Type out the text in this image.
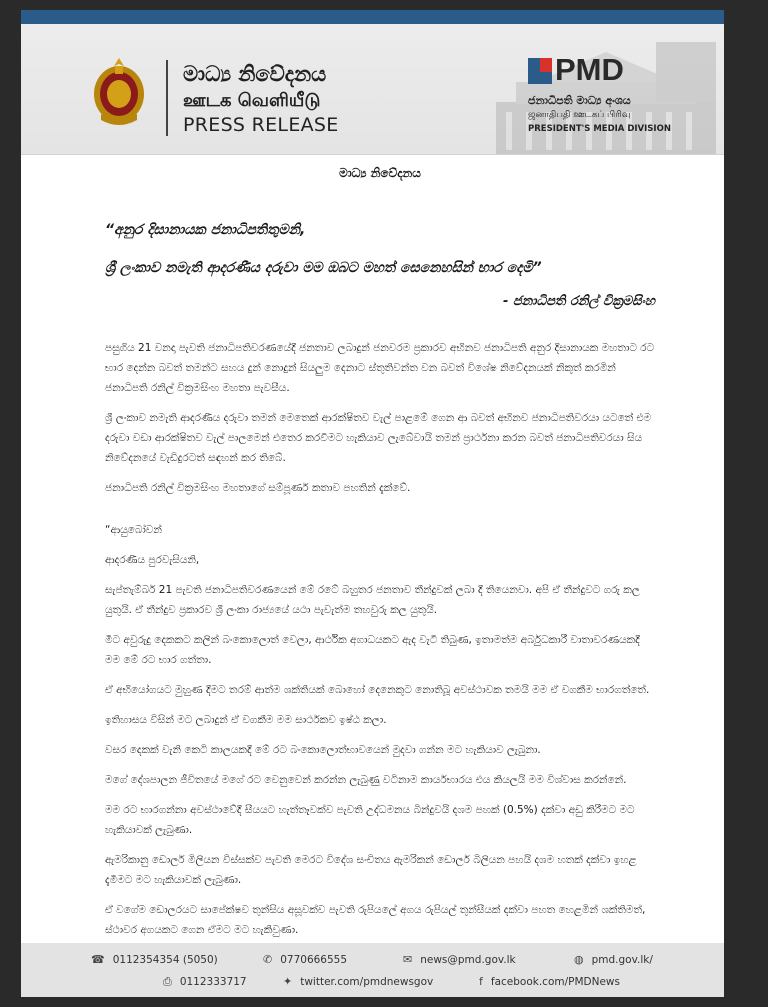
මාධ්‍ය නිවේදනය
ஊடக வெளியீடு
PRESS RELEASE
PMD
ජනාධිපති මාධ්‍ය අංශය
ஜனாதிபதி ஊடகப் பிரிவு
PRESIDENT'S MEDIA DIVISION
මාධ්‍ය නිවේදනය
“අනුර දිසානායක ජනාධිපතිතුමනි,
ශ්‍රී ලංකාව නමැති ආදරණීය දරුවා මම ඔබට මහත් සෙනෙහසින් භාර දෙමි”
- ජනාධිපති රනිල් වික්‍රමසිංහ

පසුගිය 21 වනදා පැවති ජනාධිපතිවරණයේදී ජනතාව ලබාදුන් ජනවරම ප්‍රකාරව අභිනව ජනාධිපති අනුර දිසානායක මහතාට රට භාර දෙන්න බවත් තමන්ට සහය දුන් නොදුන් සියලුම දෙනාට ස්තුතිවන්ත වන බවත් විශේෂ නිවේදනයක් නිකුත් කරමින් ජනාධිපති රනිල් වික්‍රමසිංහ මහතා පැවසීය.

ශ්‍රී ලංකාව නමැති ආදරණීය දරුවා තමන් මෙතෙක් ආරක්ෂිතව වැල් පාළමේ ගෙන ආ බවත් අභිනව ජනාධිපතිවරයා යටතේ එම දරුවා වඩා ආරක්ෂිතව වැල් පාලමෙන් එතෙර කරවීමට හැකියාව ලැබේවායි තමන් ප්‍රාර්ථනා කරන බවත් ජනාධිපතිවරයා සිය නිවේදනයේ වැඩිදුරටත් සඳහන් කර තිබේ.

ජනාධිපති රනිල් වික්‍රමසිංහ මහතාගේ සම්පූර්ණ කතාව පහතින් දැක්වේ.

“ආයුබෝවන්

ආදරණීය පුරවැසියනි,

සැප්තැම්බර් 21 පැවති ජනාධිපතිවරණයෙන් මේ රටේ බහුතර ජනතාව තීන්දුවක් ලබා දී තියෙනවා. අපි ඒ තීන්දුවට ගරු කල යුතුයි. ඒ තීන්දුව ප්‍රකාරව ශ්‍රී ලංකා රාජ්‍යයේ යථා පැවැත්ම තහවුරු කල යුතුයි.

මීට අවුරුදු දෙකකට කලින් බංකොලොත් වෙලා, ආර්ථික අගාධයකට ඇද වැටී තිබුණ, ඉතාමත්ම අර්බුධකාරී වාතාවරණයකදී මම මේ රට භාර ගත්තා.

ඒ අභියෝගයට මුහුණ දීමට තරම් ආත්ම ශක්තියක් බොහෝ දෙනෙකුට නොතිබූ අවස්ථාවක තමයි මම ඒ වගකීම භාරගත්තේ.

ඉතිහාසය විසින් මට ලබාදුන් ඒ වගකීම මම සාර්ථකව ඉෂ්ඨ කලා.

වසර දෙකක් වැනි කෙටි කාලයකදී මේ රට බංකොලොත්භාවයෙන් මුදවා ගන්න මට හැකියාව ලැබුනා.

මගේ දේශපාලන ජීවිතයේ මගේ රට වෙනුවෙන් කරන්න ලැබුණු වටිනාම කාර්යභාරය එය කියලයි මම විශ්වාස කරන්නේ.

මම රට භාරගන්නා අවස්ථාවේදී සීයයට හැත්තෑවක්ව පැවති උද්ධමනය බින්දුවයි දශම පහක් (0.5%) දක්වා අඩු කිරීමට මට හැකියාවක් ලැබුණා.

ඇමරිකානු ඩොලර් මිලියන විස්සක්ව පැවති මෙරට විදේශ සංචිතය ඇමරිකන් ඩොලර් බිලියන පහයි දශම හතක් දක්වා ඉහළ දැමීමට මට හැකියාවක් ලැබුණා.

ඒ වගේම ඩොලරයට සාපේක්ෂව තුන්සිය අසූවක්ව පැවති රුපියලේ අගය රුපියල් තුන්සීයක් දක්වා පහත හෙළමින් ශක්තිමත්, ස්ථාවර අගයකට ගෙන ඒමට මට හැකිවුණා.

☎ 0112354354 (5050)	✆ 0770666555	✉ news@pmd.gov.lk	◍ pmd.gov.lk/
⎙ 0112333717	✦ twitter.com/pmdnewsgov	f facebook.com/PMDNews
